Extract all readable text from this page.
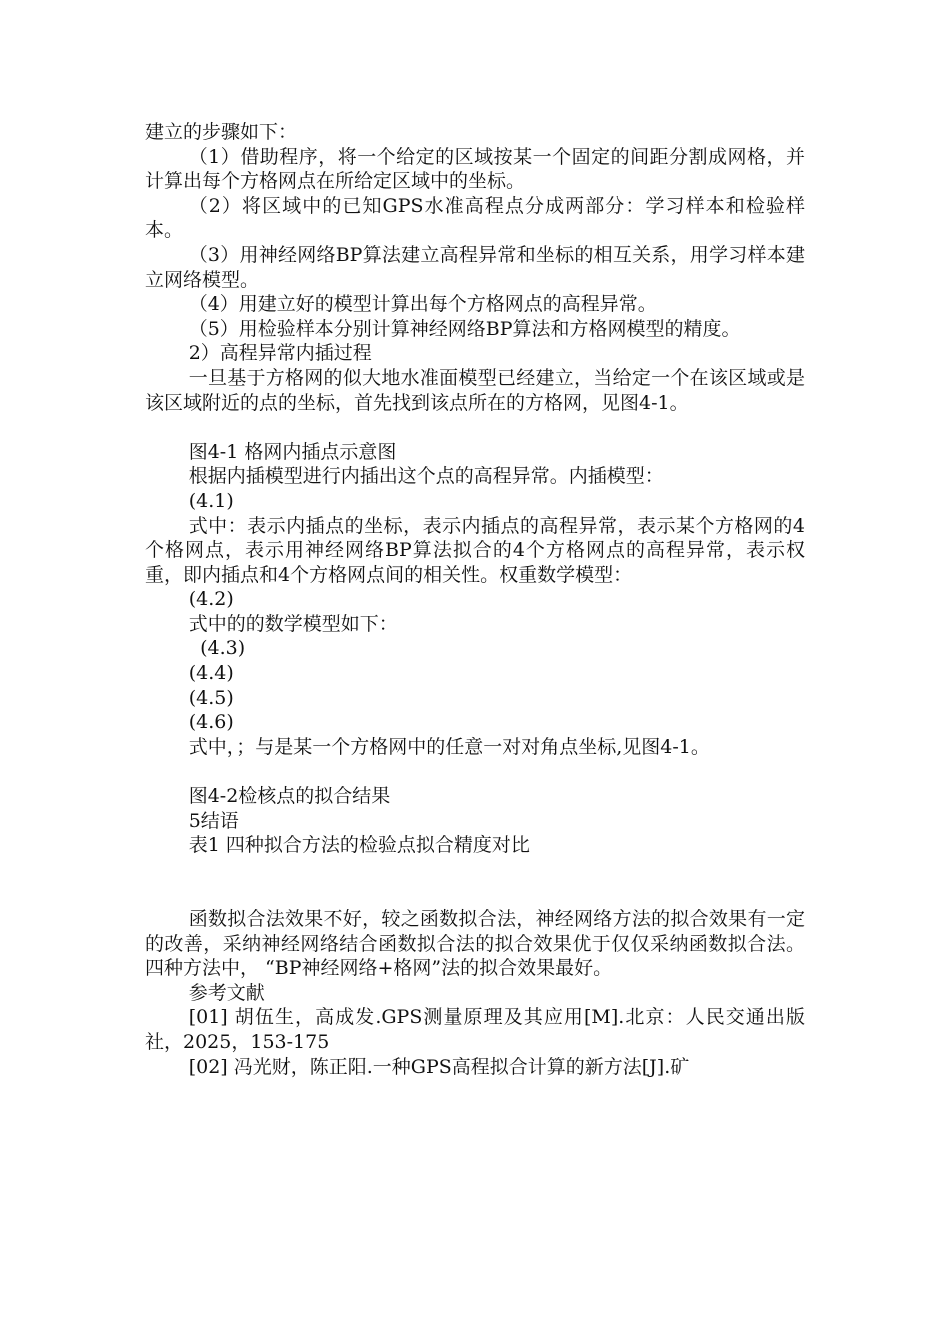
建立的步骤如下：

（1）借助程序，将一个给定的区域按某一个固定的间距分割成网格，并计算出每个方格网点在所给定区域中的坐标。

（2）将区域中的已知GPS水准高程点分成两部分：学习样本和检验样本。

（3）用神经网络BP算法建立高程异常和坐标的相互关系，用学习样本建立网络模型。

（4）用建立好的模型计算出每个方格网点的高程异常。

（5）用检验样本分别计算神经网络BP算法和方格网模型的精度。

2）高程异常内插过程

一旦基于方格网的似大地水准面模型已经建立，当给定一个在该区域或是该区域附近的点的坐标，首先找到该点所在的方格网，见图4-1。

图4-1 格网内插点示意图

根据内插模型进行内插出这个点的高程异常。内插模型：

(4.1)

式中：表示内插点的坐标，表示内插点的高程异常，表示某个方格网的4个格网点，表示用神经网络BP算法拟合的4个方格网点的高程异常，表示权重，即内插点和4个方格网点间的相关性。权重数学模型：

(4.2)

式中的的数学模型如下：

(4.3)

(4.4)

(4.5)

(4.6)

式中，；与是某一个方格网中的任意一对对角点坐标,见图4-1。

图4-2检核点的拟合结果

5结语

表1 四种拟合方法的检验点拟合精度对比

函数拟合法效果不好，较之函数拟合法，神经网络方法的拟合效果有一定的改善，采纳神经网络结合函数拟合法的拟合效果优于仅仅采纳函数拟合法。四种方法中， “BP神经网络+格网”法的拟合效果最好。

参考文献

[01] 胡伍生，高成发.GPS测量原理及其应用[M].北京：人民交通出版社，2025，153-175

[02] 冯光财，陈正阳.一种GPS高程拟合计算的新方法[J].矿
